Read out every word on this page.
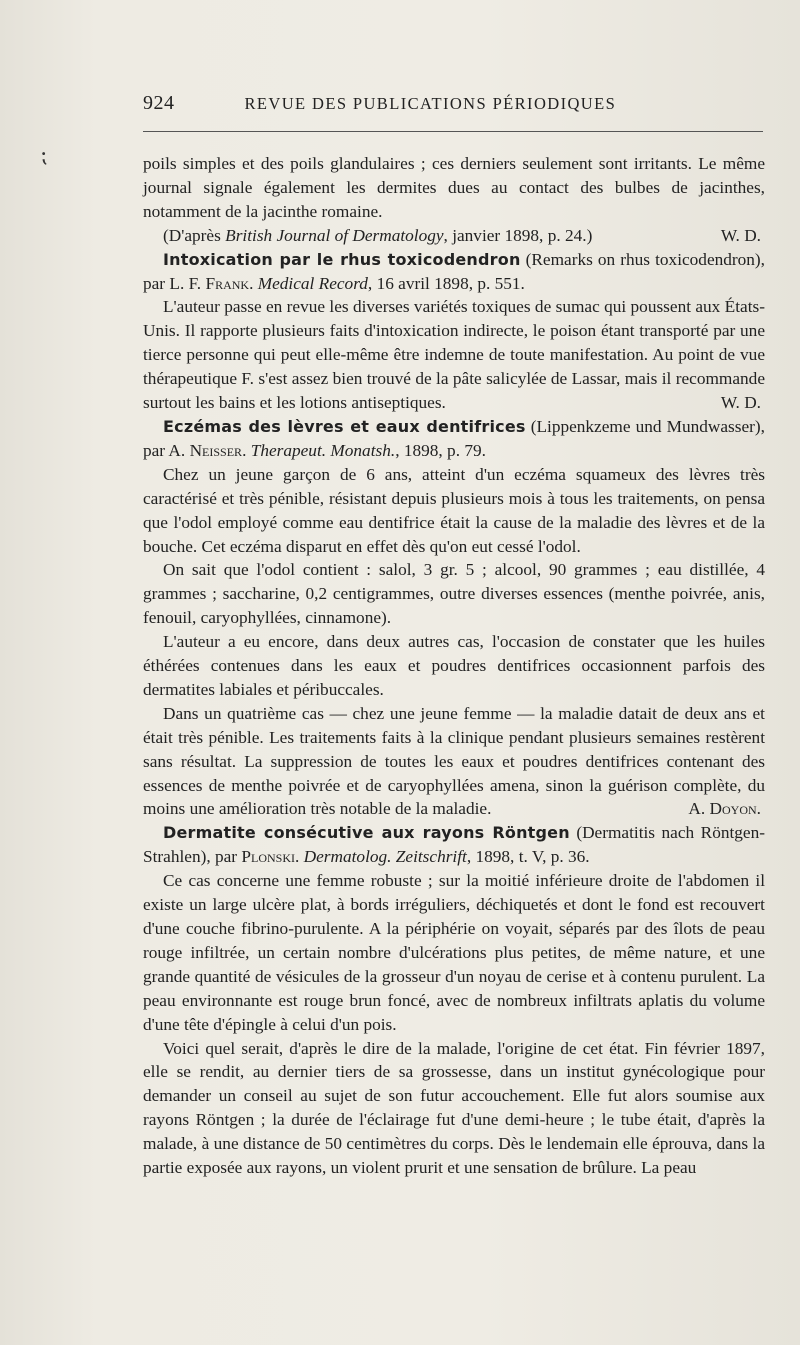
924	REVUE DES PUBLICATIONS PÉRIODIQUES
⁏	poils simples et des poils glandulaires ; ces derniers seulement sont irritants. Le même journal signale également les dermites dues au contact des bulbes de jacinthes, notamment de la jacinthe romaine.

(D'après British Journal of Dermatology, janvier 1898, p. 24.)	W. D.

Intoxication par le rhus toxicodendron (Remarks on rhus toxicodendron), par L. F. Frank. Medical Record, 16 avril 1898, p. 551.

L'auteur passe en revue les diverses variétés toxiques de sumac qui poussent aux États-Unis. Il rapporte plusieurs faits d'intoxication indirecte, le poison étant transporté par une tierce personne qui peut elle-même être indemne de toute manifestation. Au point de vue thérapeutique F. s'est assez bien trouvé de la pâte salicylée de Lassar, mais il recommande surtout les bains et les lotions antiseptiques.	W. D.

Eczémas des lèvres et eaux dentifrices (Lippenkzeme und Mundwasser), par A. Neisser. Therapeut. Monatsh., 1898, p. 79.

Chez un jeune garçon de 6 ans, atteint d'un eczéma squameux des lèvres très caractérisé et très pénible, résistant depuis plusieurs mois à tous les traitements, on pensa que l'odol employé comme eau dentifrice était la cause de la maladie des lèvres et de la bouche. Cet eczéma disparut en effet dès qu'on eut cessé l'odol.

On sait que l'odol contient : salol, 3 gr. 5 ; alcool, 90 grammes ; eau distillée, 4 grammes ; saccharine, 0,2 centigrammes, outre diverses essences (menthe poivrée, anis, fenouil, caryophyllées, cinnamone).

L'auteur a eu encore, dans deux autres cas, l'occasion de constater que les huiles éthérées contenues dans les eaux et poudres dentifrices occasionnent parfois des dermatites labiales et péribuccales.

Dans un quatrième cas — chez une jeune femme — la maladie datait de deux ans et était très pénible. Les traitements faits à la clinique pendant plusieurs semaines restèrent sans résultat. La suppression de toutes les eaux et poudres dentifrices contenant des essences de menthe poivrée et de caryophyllées amena, sinon la guérison complète, du moins une amélioration très notable de la maladie.	A. Doyon.

Dermatite consécutive aux rayons Röntgen (Dermatitis nach Röntgen-Strahlen), par Plonski. Dermatolog. Zeitschrift, 1898, t. V, p. 36.

Ce cas concerne une femme robuste ; sur la moitié inférieure droite de l'abdomen il existe un large ulcère plat, à bords irréguliers, déchiquetés et dont le fond est recouvert d'une couche fibrino-purulente. A la périphérie on voyait, séparés par des îlots de peau rouge infiltrée, un certain nombre d'ulcérations plus petites, de même nature, et une grande quantité de vésicules de la grosseur d'un noyau de cerise et à contenu purulent. La peau environnante est rouge brun foncé, avec de nombreux infiltrats aplatis du volume d'une tête d'épingle à celui d'un pois.

Voici quel serait, d'après le dire de la malade, l'origine de cet état. Fin février 1897, elle se rendit, au dernier tiers de sa grossesse, dans un institut gynécologique pour demander un conseil au sujet de son futur accouchement. Elle fut alors soumise aux rayons Röntgen ; la durée de l'éclairage fut d'une demi-heure ; le tube était, d'après la malade, à une distance de 50 centimètres du corps. Dès le lendemain elle éprouva, dans la partie exposée aux rayons, un violent prurit et une sensation de brûlure. La peau
